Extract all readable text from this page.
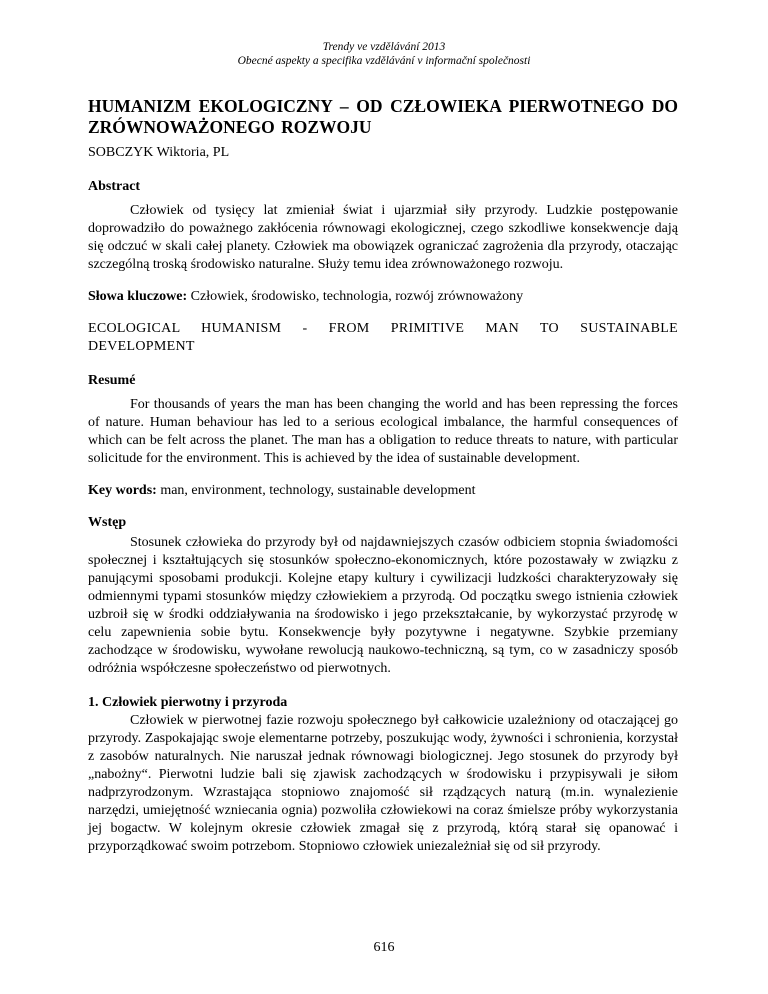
Trendy ve vzdělávání 2013
Obecné aspekty a specifika vzdělávání v informační společnosti
HUMANIZM EKOLOGICZNY – OD CZŁOWIEKA PIERWOTNEGO DO ZRÓWNOWAŻONEGO ROZWOJU
SOBCZYK Wiktoria, PL
Abstract

Człowiek od tysięcy lat zmieniał świat i ujarzmiał siły przyrody. Ludzkie postępowanie doprowadziło do poważnego zakłócenia równowagi ekologicznej, czego szkodliwe konsekwencje dają się odczuć w skali całej planety. Człowiek ma obowiązek ograniczać zagrożenia dla przyrody, otaczając szczególną troską środowisko naturalne. Służy temu idea zrównoważonego rozwoju.

Słowa kluczowe: Człowiek, środowisko, technologia, rozwój zrównoważony

ECOLOGICAL HUMANISM - FROM PRIMITIVE MAN TO SUSTAINABLE DEVELOPMENT

Resumé

For thousands of years the man has been changing the world and has been repressing the forces of nature. Human behaviour has led to a serious ecological imbalance, the harmful consequences of which can be felt across the planet. The man has a obligation to reduce threats to nature, with particular solicitude for the environment. This is achieved by the idea of sustainable development.

Key words: man, environment, technology, sustainable development

Wstęp

Stosunek człowieka do przyrody był od najdawniejszych czasów odbiciem stopnia świadomości społecznej i kształtujących się stosunków społeczno-ekonomicznych, które pozostawały w związku z panującymi sposobami produkcji. Kolejne etapy kultury i cywilizacji ludzkości charakteryzowały się odmiennymi typami stosunków między człowiekiem a przyrodą. Od początku swego istnienia człowiek uzbroił się w środki oddziaływania na środowisko i jego przekształcanie, by wykorzystać przyrodę w celu zapewnienia sobie bytu. Konsekwencje były pozytywne i negatywne. Szybkie przemiany zachodzące w środowisku, wywołane rewolucją naukowo-techniczną, są tym, co w zasadniczy sposób odróżnia współczesne społeczeństwo od pierwotnych.

1. Człowiek pierwotny i przyroda

Człowiek w pierwotnej fazie rozwoju społecznego był całkowicie uzależniony od otaczającej go przyrody. Zaspokajając swoje elementarne potrzeby, poszukując wody, żywności i schronienia, korzystał z zasobów naturalnych. Nie naruszał jednak równowagi biologicznej. Jego stosunek do przyrody był „nabożny“. Pierwotni ludzie bali się zjawisk zachodzących w środowisku i przypisywali je siłom nadprzyrodzonym. Wzrastająca stopniowo znajomość sił rządzących naturą (m.in. wynalezienie narzędzi, umiejętność wzniecania ognia) pozwoliła człowiekowi na coraz śmielsze próby wykorzystania jej bogactw. W kolejnym okresie człowiek zmagał się z przyrodą, którą starał się opanować i przyporządkować swoim potrzebom. Stopniowo człowiek uniezależniał się od sił przyrody.

616
